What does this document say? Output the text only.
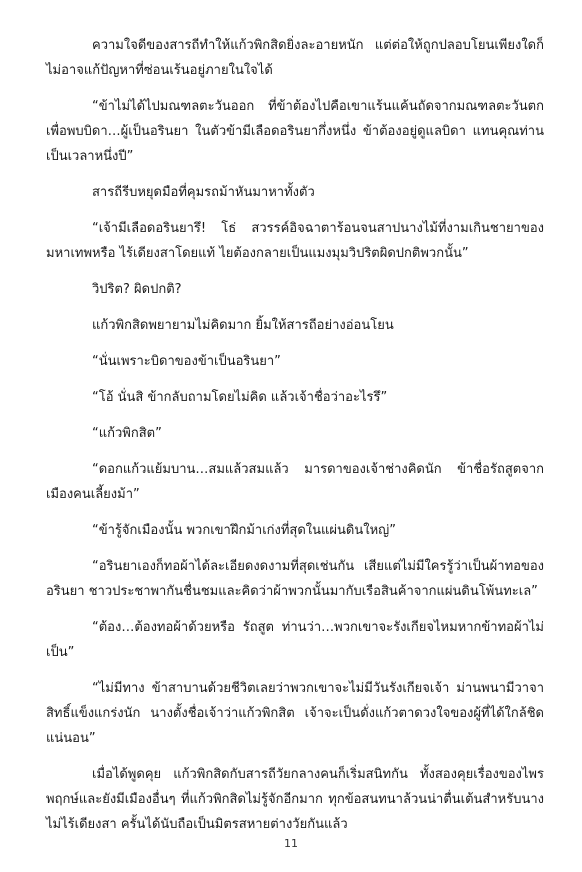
ความใจดีของสารถีทำให้แก้วพิกสิดยิ่งละอายหนัก แต่ต่อให้ถูกปลอบโยนเพียงใดก็ไม่อาจแก้ปัญหาที่ซ่อนเร้นอยู่ภายในใจได้

“ข้าไม่ได้ไปมณฑลตะวันออก ที่ข้าต้องไปคือเขาแร้นแค้นถัดจากมณฑลตะวันตก เพื่อพบบิดา…ผู้เป็นอรินยา ในตัวข้ามีเลือดอรินยากึ่งหนึ่ง ข้าต้องอยู่ดูแลบิดา แทนคุณท่านเป็นเวลาหนึ่งปี”

สารถีรีบหยุดมือที่คุมรถม้าหันมาหาทั้งตัว

“เจ้ามีเลือดอรินยารึ! โธ่ สวรรค์อิจฉาตาร้อนจนสาปนางไม้ที่งามเกินชายาของมหาเทพหรือ ไร้เดียงสาโดยแท้ ไยต้องกลายเป็นแมงมุมวิปริตผิดปกติพวกนั้น”

วิปริต? ผิดปกติ?

แก้วพิกสิดพยายามไม่คิดมาก ยิ้มให้สารถีอย่างอ่อนโยน

“นั่นเพราะบิดาของข้าเป็นอรินยา”

“โอ้ นั่นสิ ข้ากลับถามโดยไม่คิด แล้วเจ้าชื่อว่าอะไรรึ”

“แก้วพิกสิต”

“ดอกแก้วแย้มบาน…สมแล้วสมแล้ว มารดาของเจ้าช่างคิดนัก ข้าชื่อรัถสูตจากเมืองคนเลี้ยงม้า”

“ข้ารู้จักเมืองนั้น พวกเขาฝึกม้าเก่งที่สุดในแผ่นดินใหญ่”

“อรินยาเองก็ทอผ้าได้ละเอียดงดงามที่สุดเช่นกัน เสียแต่ไม่มีใครรู้ว่าเป็นผ้าทอของอรินยา ชาวประชาพากันชื่นชมและคิดว่าผ้าพวกนั้นมากับเรือสินค้าจากแผ่นดินโพ้นทะเล”

“ต้อง…ต้องทอผ้าด้วยหรือ รัถสูต ท่านว่า…พวกเขาจะรังเกียจไหมหากข้าทอผ้าไม่เป็น”

“ไม่มีทาง ข้าสาบานด้วยชีวิตเลยว่าพวกเขาจะไม่มีวันรังเกียจเจ้า ม่านพนามีวาจาสิทธิ์แข็งแกร่งนัก นางตั้งชื่อเจ้าว่าแก้วพิกสิต เจ้าจะเป็นดั่งแก้วตาดวงใจของผู้ที่ได้ใกล้ชิดแน่นอน”

เมื่อได้พูดคุย แก้วพิกสิดกับสารถีวัยกลางคนก็เริ่มสนิทกัน ทั้งสองคุยเรื่องของไพรพฤกษ์และยังมีเมืองอื่นๆ ที่แก้วพิกสิดไม่รู้จักอีกมาก ทุกข้อสนทนาล้วนน่าตื่นเต้นสำหรับนางไม่ไร้เดียงสา ครั้นได้นับถือเป็นมิตรสหายต่างวัยกันแล้ว

11
